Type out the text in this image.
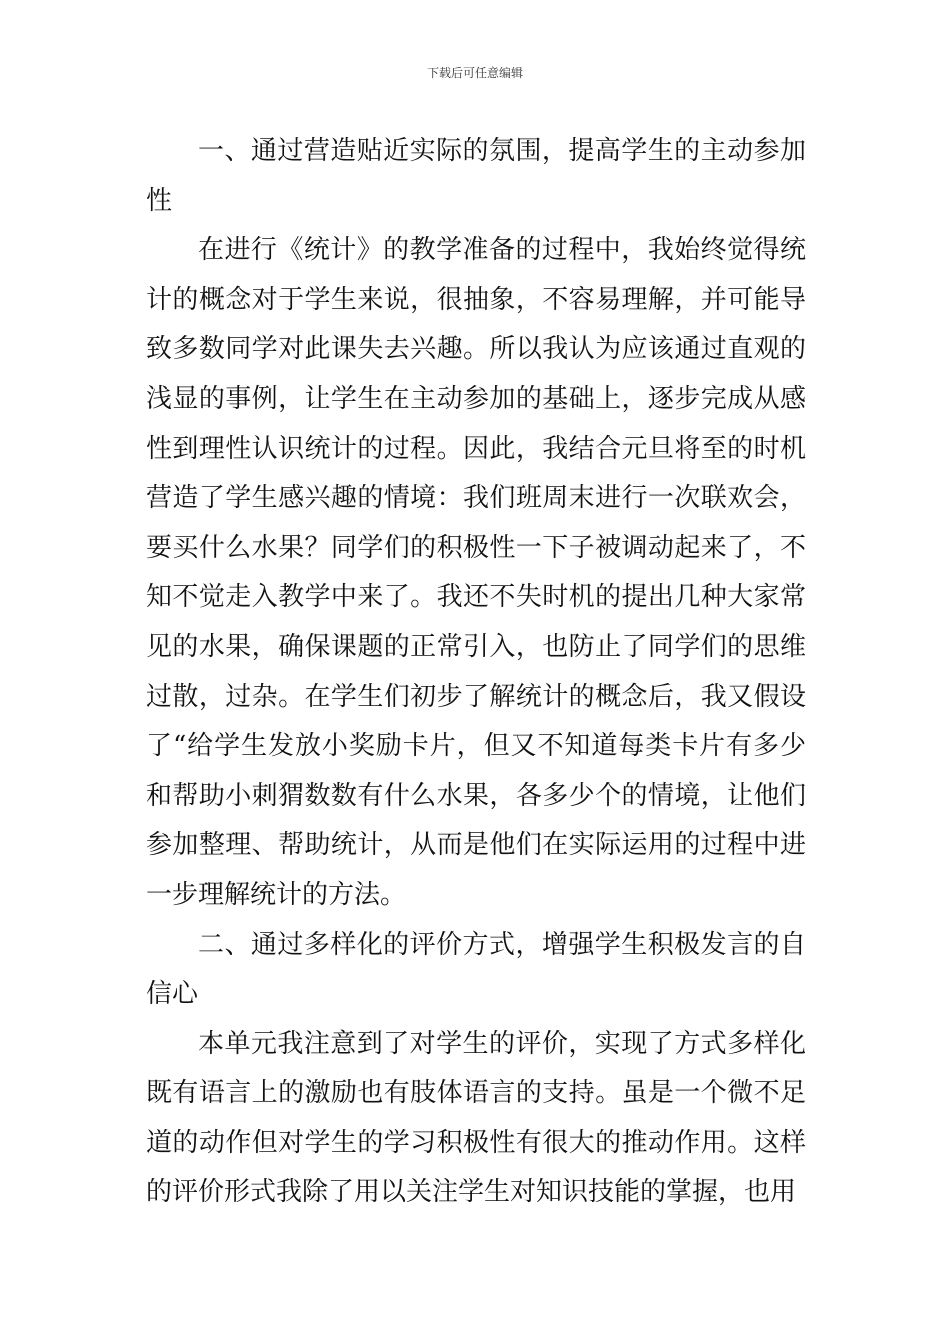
下载后可任意编辑

一、通过营造贴近实际的氛围，提高学生的主动参加性

在进行《统计》的教学准备的过程中，我始终觉得统计的概念对于学生来说，很抽象，不容易理解，并可能导致多数同学对此课失去兴趣。所以我认为应该通过直观的浅显的事例，让学生在主动参加的基础上，逐步完成从感性到理性认识统计的过程。因此，我结合元旦将至的时机营造了学生感兴趣的情境：我们班周末进行一次联欢会，要买什么水果？同学们的积极性一下子被调动起来了，不知不觉走入教学中来了。我还不失时机的提出几种大家常见的水果，确保课题的正常引入，也防止了同学们的思维过散，过杂。在学生们初步了解统计的概念后，我又假设了“给学生发放小奖励卡片，但又不知道每类卡片有多少和帮助小刺猬数数有什么水果，各多少个的情境，让他们参加整理、帮助统计，从而是他们在实际运用的过程中进一步理解统计的方法。

二、通过多样化的评价方式，增强学生积极发言的自信心

本单元我注意到了对学生的评价，实现了方式多样化既有语言上的激励也有肢体语言的支持。虽是一个微不足道的动作但对学生的学习积极性有很大的推动作用。这样的评价形式我除了用以关注学生对知识技能的掌握，也用
